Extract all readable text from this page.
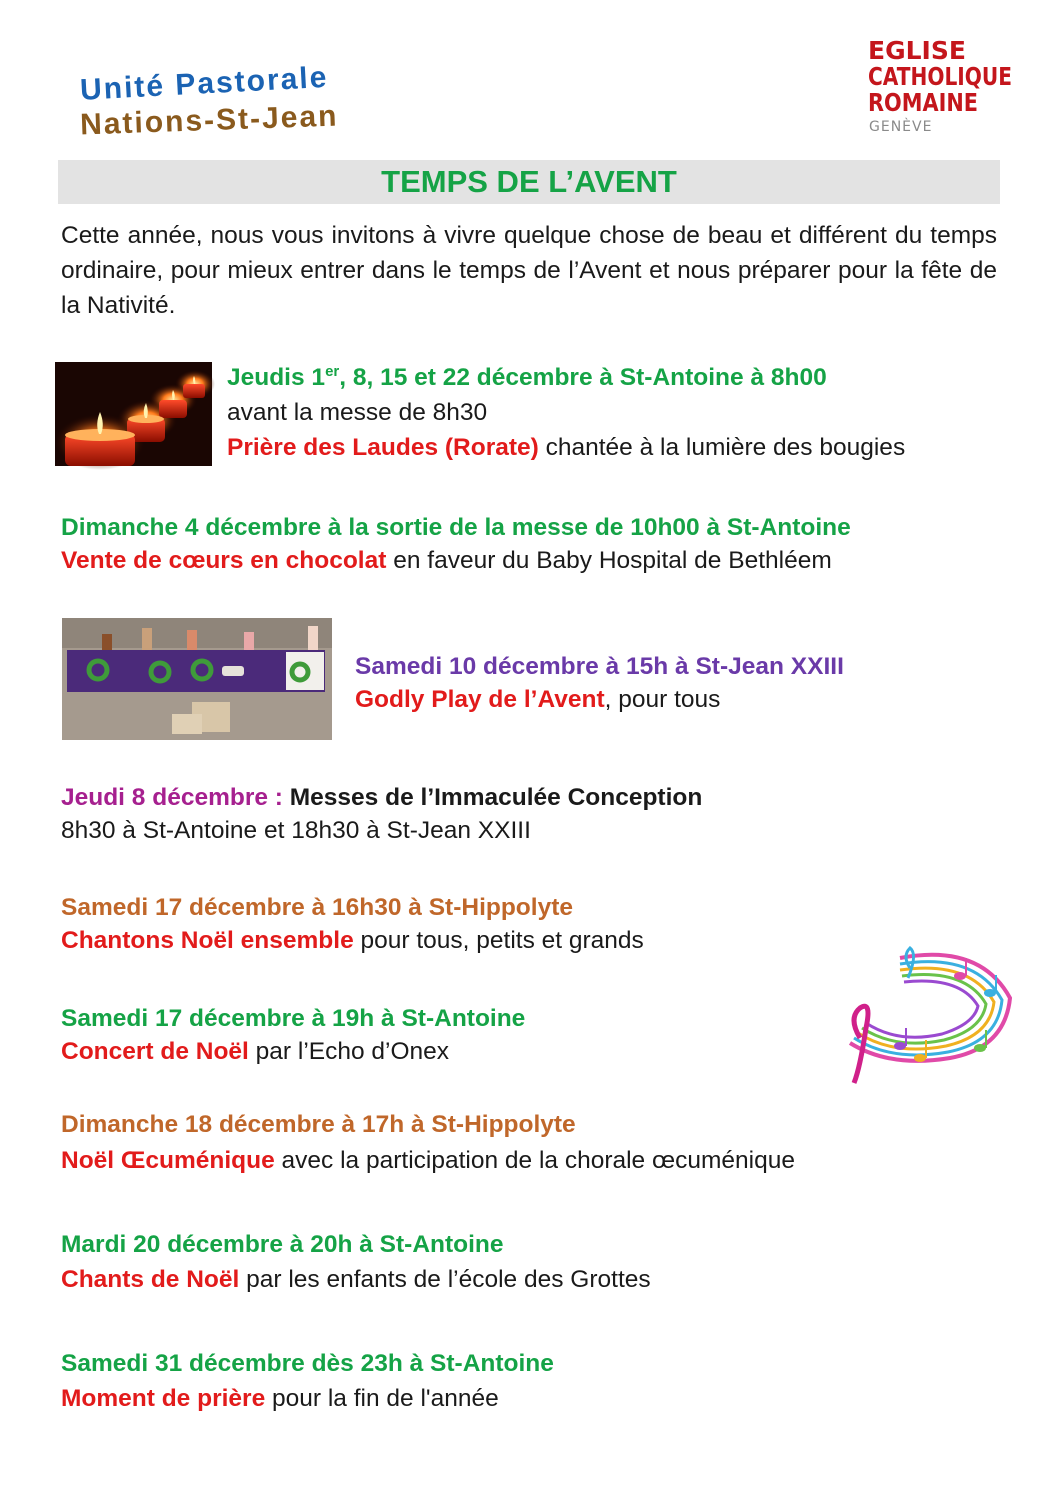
Unité Pastorale
Nations-St-Jean
EGLISE
CATHOLIQUE
ROMAINE
GENÈVE
TEMPS DE L’AVENT
Cette année, nous vous invitons à vivre quelque chose de beau et différent du temps ordinaire, pour mieux entrer dans le temps de l’Avent et nous préparer pour la fête de la Nativité.
Jeudis 1er, 8, 15 et 22 décembre à St-Antoine à 8h00
avant la messe de 8h30
Prière des Laudes (Rorate) chantée à la lumière des bougies
Dimanche 4 décembre à la sortie de la messe de 10h00 à St-Antoine
Vente de cœurs en chocolat en faveur du Baby Hospital de Bethléem
Samedi 10 décembre à 15h à St-Jean XXIII
Godly Play de l’Avent, pour tous
Jeudi 8 décembre : Messes de l’Immaculée Conception
8h30 à St-Antoine et 18h30 à St-Jean XXIII
Samedi 17 décembre à 16h30 à St-Hippolyte
Chantons Noël ensemble pour tous, petits et grands
Samedi 17 décembre à 19h à St-Antoine
Concert de Noël par l’Echo d’Onex
Dimanche 18 décembre à 17h à St-Hippolyte
Noël Œcuménique avec la participation de la chorale œcuménique
Mardi 20 décembre à 20h à St-Antoine
Chants de Noël par les enfants de l’école des Grottes
Samedi 31 décembre dès 23h à St-Antoine
Moment de prière pour la fin de l'année
